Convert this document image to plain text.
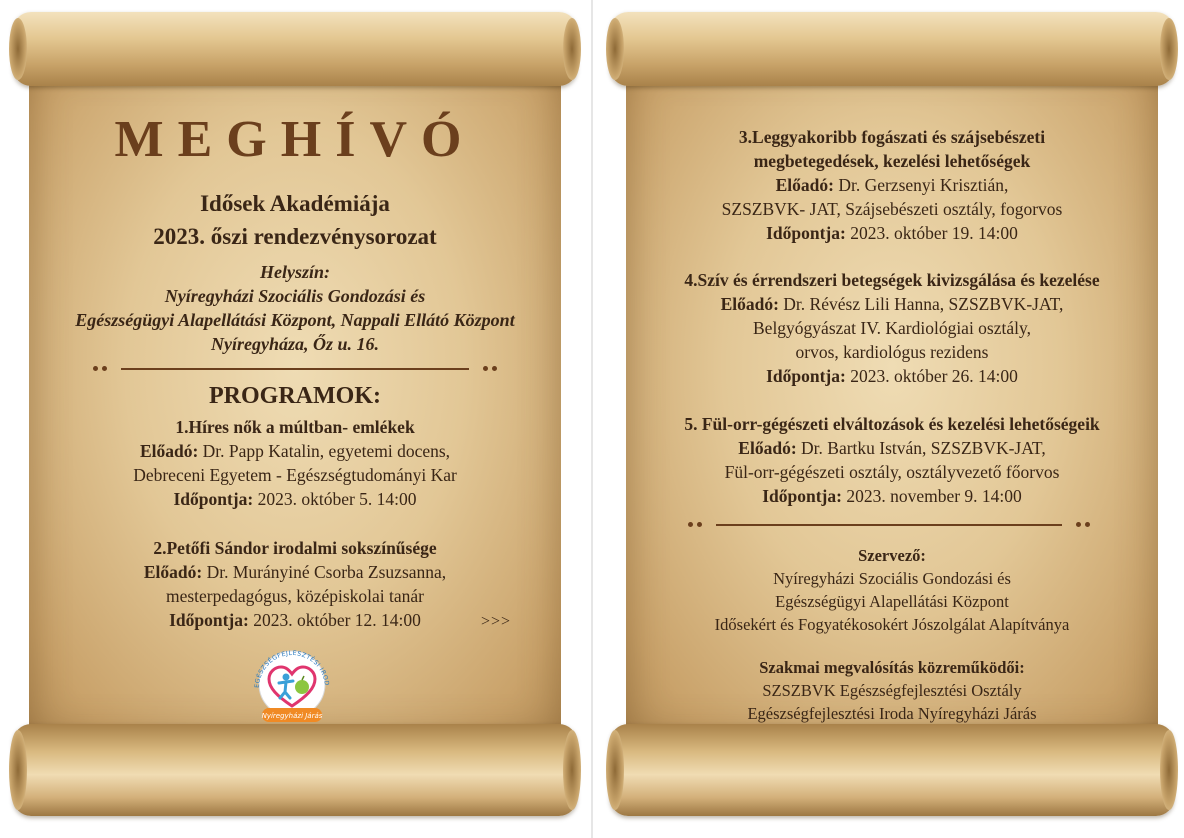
MEGHÍVÓ
Idősek Akadémiája
2023. őszi rendezvénysorozat
Helyszín:
Nyíregyházi Szociális Gondozási és
Egészségügyi Alapellátási Központ, Nappali Ellátó Központ
Nyíregyháza, Őz u. 16.
PROGRAMOK:
1.Híres nők a múltban- emlékek
Előadó: Dr. Papp Katalin, egyetemi docens,
Debreceni Egyetem - Egészségtudományi Kar
Időpontja: 2023. október 5. 14:00
2.Petőfi Sándor irodalmi sokszínűsége
Előadó: Dr. Murányiné Csorba Zsuzsanna,
mesterpedagógus, középiskolai tanár
Időpontja: 2023. október 12. 14:00	>>>
EGÉSZSÉGFEJLESZTÉSI IROD
Nyíregyházi Járás
3.Leggyakoribb fogászati és szájsebészeti
megbetegedések, kezelési lehetőségek
Előadó: Dr. Gerzsenyi Krisztián,
SZSZBVK- JAT, Szájsebészeti osztály, fogorvos
Időpontja: 2023. október 19. 14:00
4.Szív és érrendszeri betegségek kivizsgálása és kezelése
Előadó: Dr. Révész Lili Hanna, SZSZBVK-JAT,
Belgyógyászat IV. Kardiológiai osztály,
orvos, kardiológus rezidens
Időpontja: 2023. október 26. 14:00
5. Fül-orr-gégészeti elváltozások és kezelési lehetőségeik
Előadó: Dr. Bartku István, SZSZBVK-JAT,
Fül-orr-gégészeti osztály, osztályvezető főorvos
Időpontja: 2023. november 9. 14:00
Szervező:
Nyíregyházi Szociális Gondozási és
Egészségügyi Alapellátási Központ
Idősekért és Fogyatékosokért Jószolgálat Alapítványa
Szakmai megvalósítás közreműködői:
SZSZBVK Egészségfejlesztési Osztály
Egészségfejlesztési Iroda Nyíregyházi Járás
